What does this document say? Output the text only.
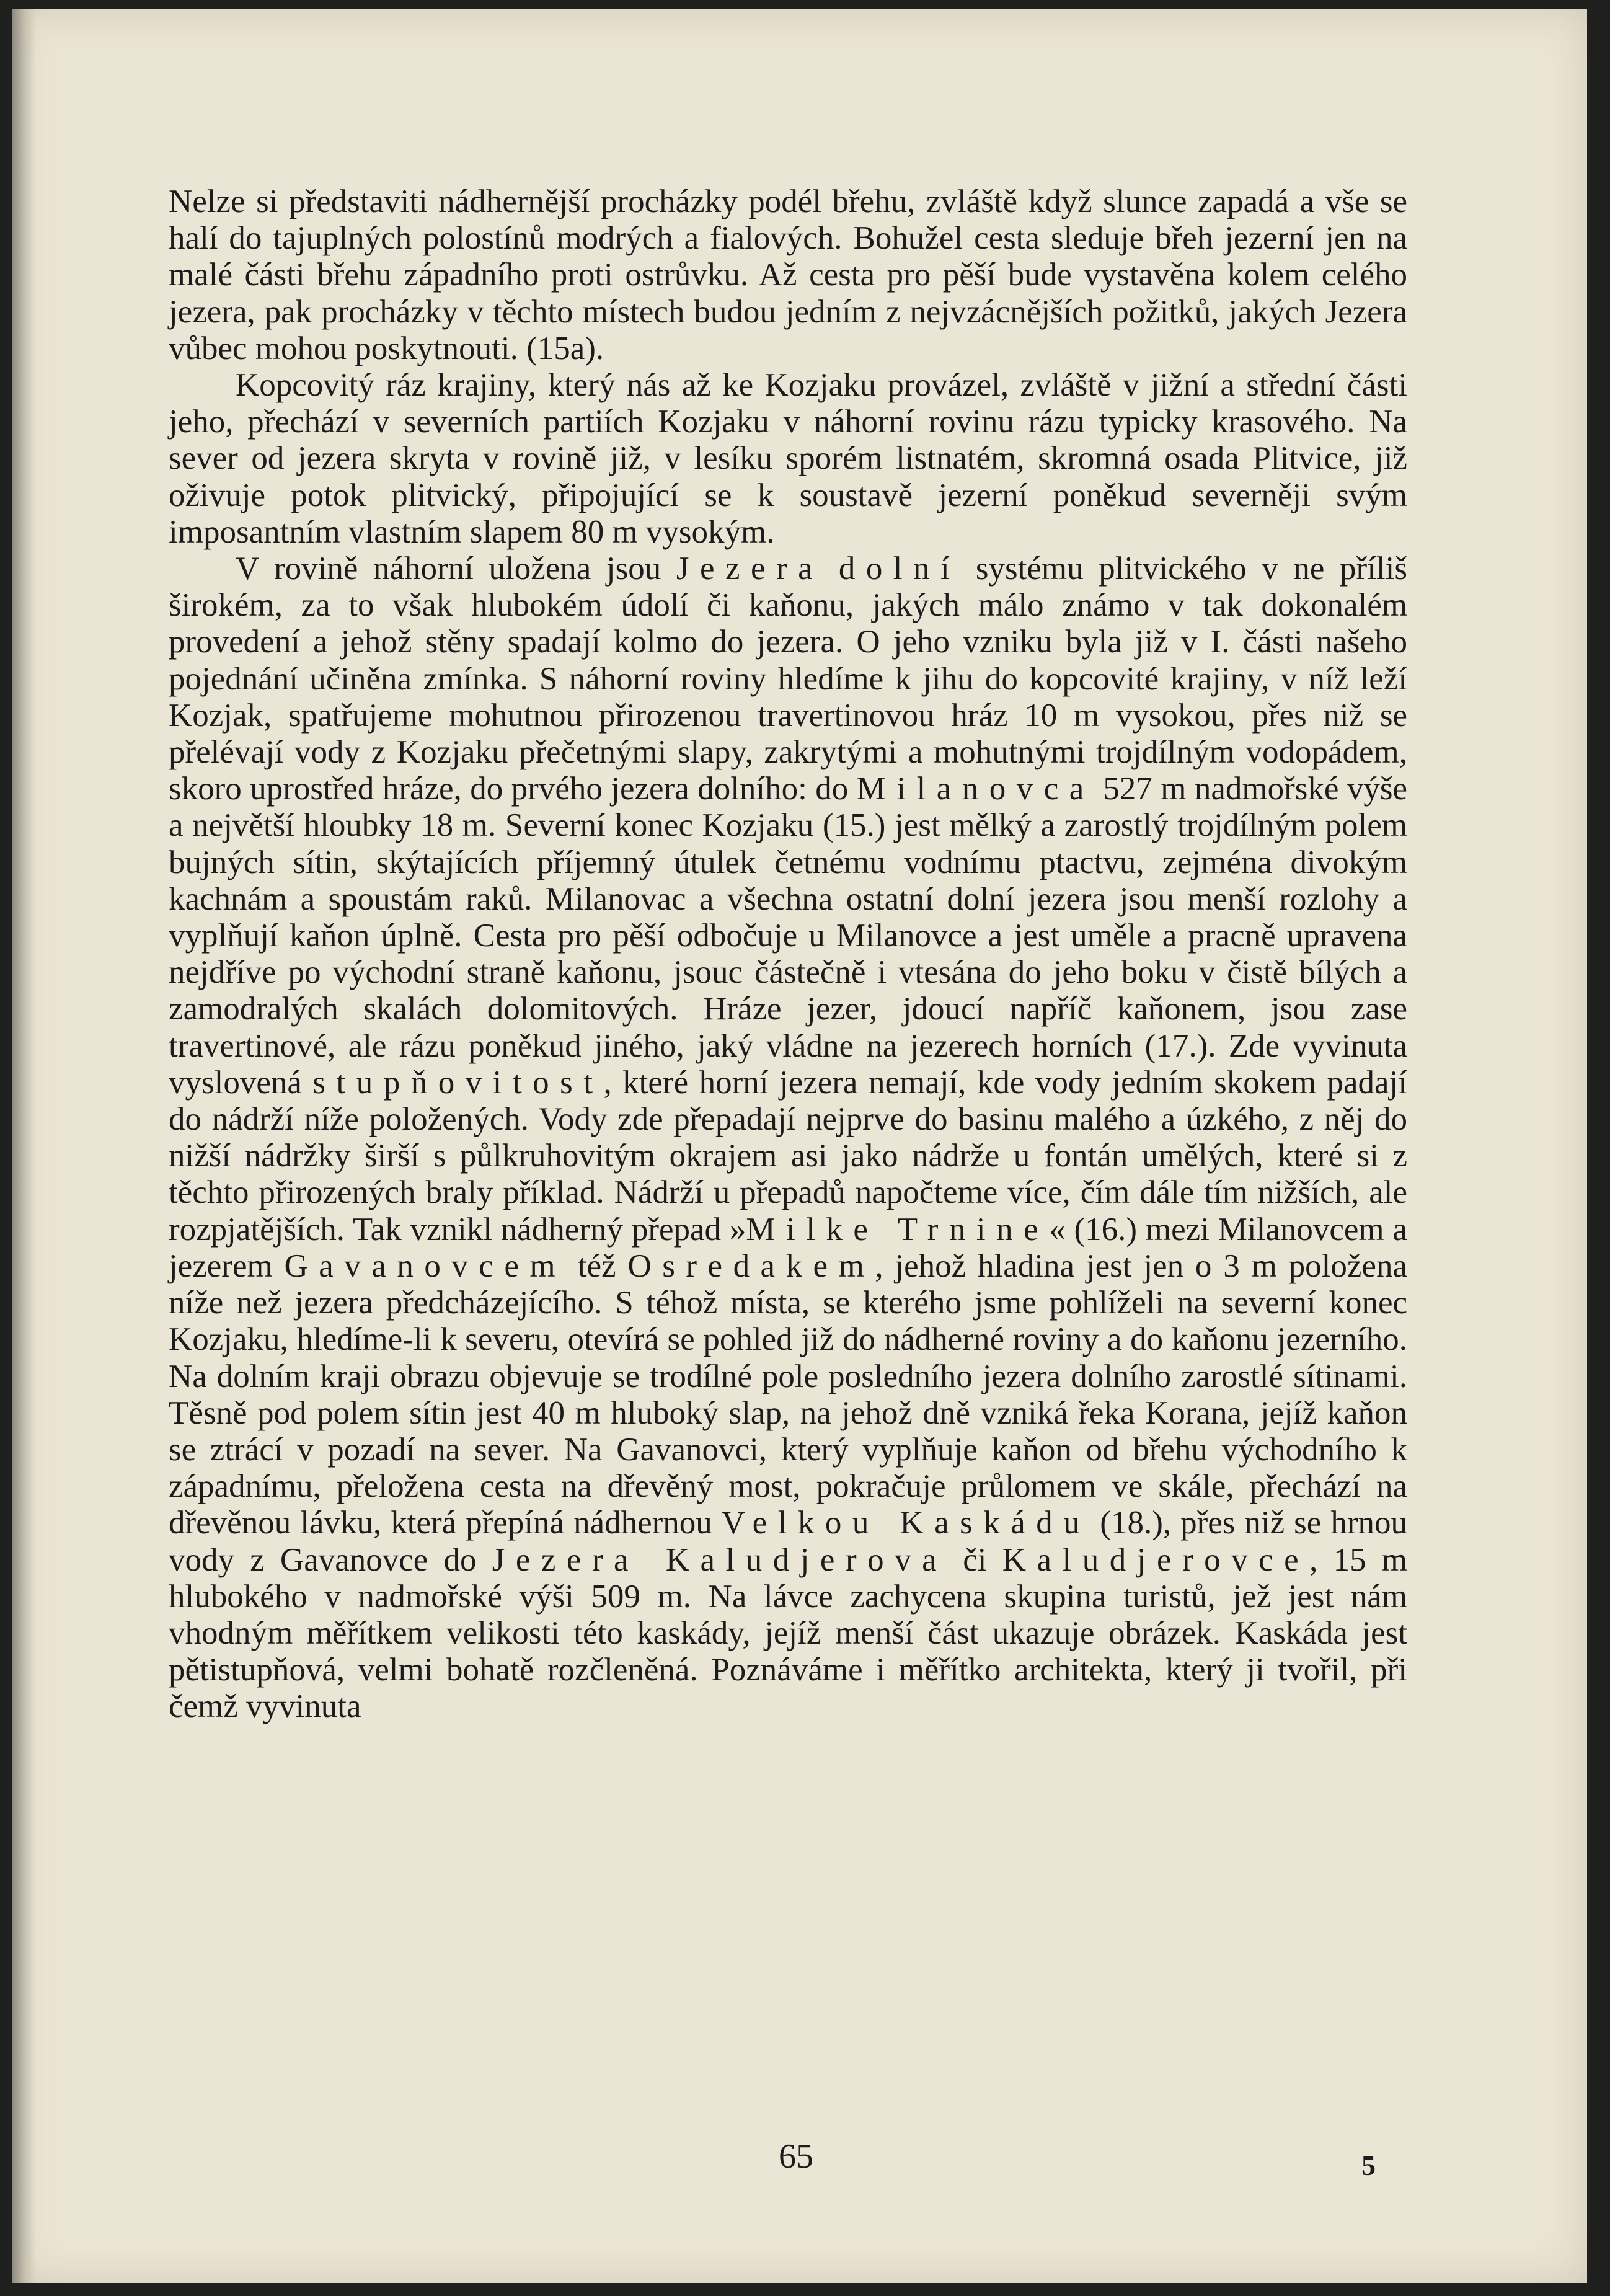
Nelze si představiti nádhernější procházky podél břehu, zvláště když slunce zapadá a vše se halí do tajuplných polostínů modrých a fialových. Bohužel cesta sleduje břeh jezerní jen na malé části břehu západního proti ostrůvku. Až cesta pro pěší bude vystavěna kolem celého jezera, pak procházky v těchto místech budou jedním z nejvzácnějších požitků, jakých Jezera vůbec mohou poskytnouti. (15a).

Kopcovitý ráz krajiny, který nás až ke Kozjaku provázel, zvláště v jižní a střední části jeho, přechází v severních partiích Kozjaku v náhorní rovinu rázu typicky krasového. Na sever od jezera skryta v rovině již, v lesíku sporém listnatém, skromná osada Plitvice, již oživuje potok plitvický, připojující se k soustavě jezerní poněkud severněji svým imposantním vlastním slapem 80 m vysokým.

V rovině náhorní uložena jsou Jezera dolní systému plitvického v ne příliš širokém, za to však hlubokém údolí či kaňonu, jakých málo známo v tak dokonalém provedení a jehož stěny spadají kolmo do jezera. O jeho vzniku byla již v I. části našeho pojednání učiněna zmínka. S náhorní roviny hledíme k jihu do kopcovité krajiny, v níž leží Kozjak, spatřujeme mohutnou přirozenou travertinovou hráz 10 m vysokou, přes niž se přelévají vody z Kozjaku přečetnými slapy, zakrytými a mohutnými trojdílným vodopádem, skoro uprostřed hráze, do prvého jezera dolního: do Milanovca 527 m nadmořské výše a největší hloubky 18 m. Severní konec Kozjaku (15.) jest mělký a zarostlý trojdílným polem bujných sítin, skýtajících příjemný útulek četnému vodnímu ptactvu, zejména divokým kachnám a spoustám raků. Milanovac a všechna ostatní dolní jezera jsou menší rozlohy a vyplňují kaňon úplně. Cesta pro pěší odbočuje u Milanovce a jest uměle a pracně upravena nejdříve po východní straně kaňonu, jsouc částečně i vtesána do jeho boku v čistě bílých a zamodralých skalách dolomitových. Hráze jezer, jdoucí napříč kaňonem, jsou zase travertinové, ale rázu poněkud jiného, jaký vládne na jezerech horních (17.). Zde vyvinuta vyslovená stupňovitost, které horní jezera nemají, kde vody jedním skokem padají do nádrží níže položených. Vody zde přepadají nejprve do basinu malého a úzkého, z něj do nižší nádržky širší s půlkruhovitým okrajem asi jako nádrže u fontán umělých, které si z těchto přirozených braly příklad. Nádrží u přepadů napočteme více, čím dále tím nižších, ale rozpjatějších. Tak vznikl nádherný přepad »Milke Trnine« (16.) mezi Milanovcem a jezerem Gavanovcem též Osredakem, jehož hladina jest jen o 3 m položena níže než jezera předcházejícího. S téhož místa, se kterého jsme pohlíželi na severní konec Kozjaku, hledíme-li k severu, otevírá se pohled již do nádherné roviny a do kaňonu jezerního. Na dolním kraji obrazu objevuje se trodílné pole posledního jezera dolního zarostlé sítinami. Těsně pod polem sítin jest 40 m hluboký slap, na jehož dně vzniká řeka Korana, jejíž kaňon se ztrácí v pozadí na sever. Na Gavanovci, který vyplňuje kaňon od břehu východního k západnímu, přeložena cesta na dřevěný most, pokračuje průlomem ve skále, přechází na dřevěnou lávku, která přepíná nádhernou Velkou Kaskádu (18.), přes niž se hrnou vody z Gavanovce do Jezera Kaludjerova či Kaludjerovce, 15 m hlubokého v nadmořské výši 509 m. Na lávce zachycena skupina turistů, jež jest nám vhodným měřítkem velikosti této kaskády, jejíž menší část ukazuje obrázek. Kaskáda jest pětistupňová, velmi bohatě rozčleněná. Poznáváme i měřítko architekta, který ji tvořil, při čemž vyvinuta

65	5
